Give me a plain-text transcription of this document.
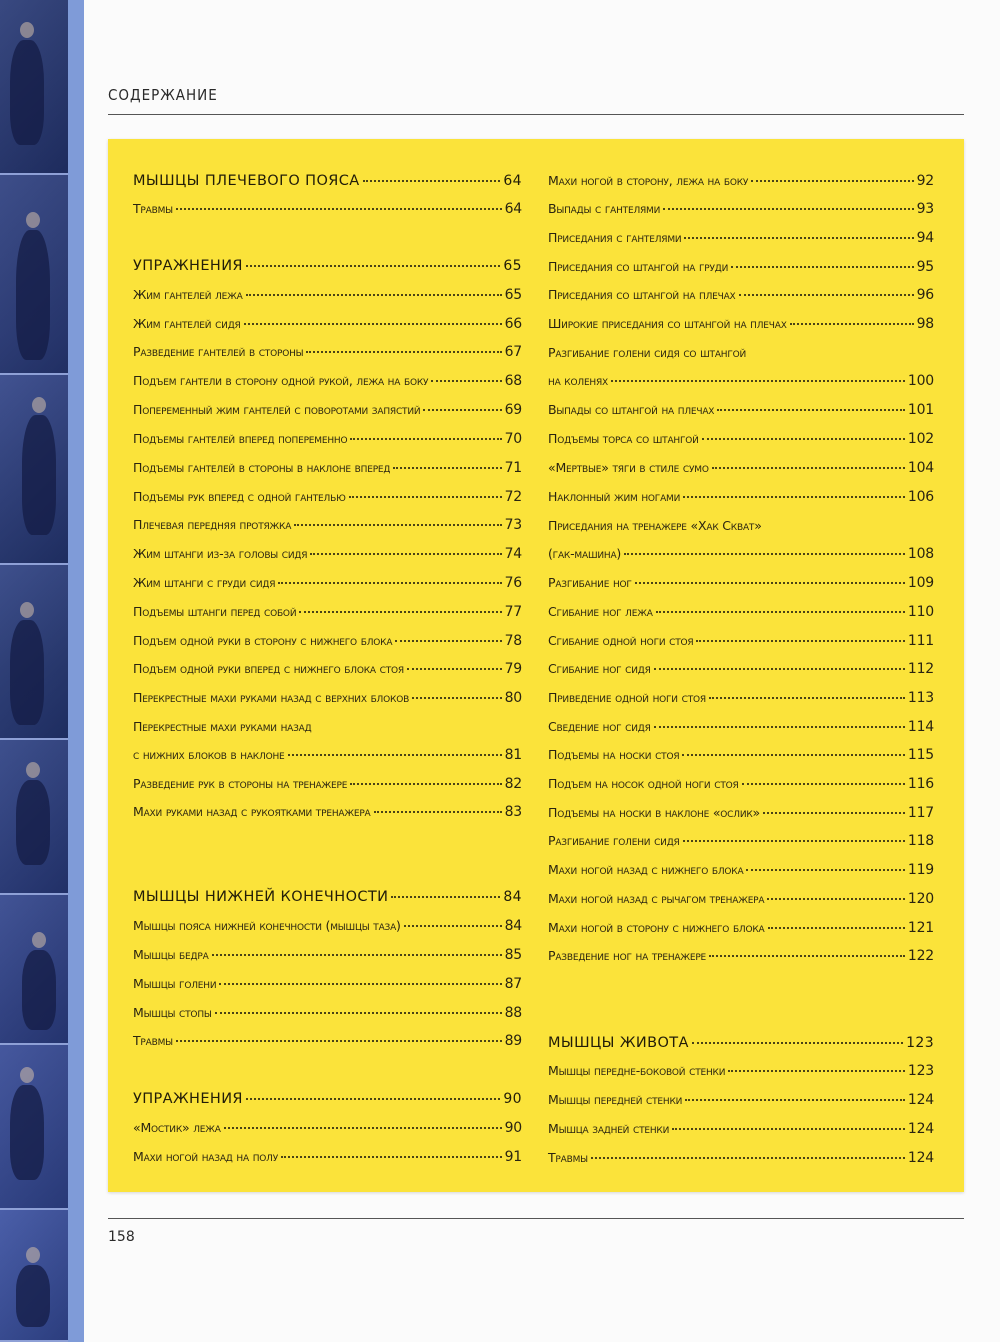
СОДЕРЖАНИЕ
МЫШЦЫ ПЛЕЧЕВОГО ПОЯСА	64
Травмы	64
УПРАЖНЕНИЯ	65
Жим гантелей лежа	65
Жим гантелей сидя	66
Разведение гантелей в стороны	67
Подъем гантели в сторону одной рукой, лежа на боку	68
Попеременный жим гантелей с поворотами запястий	69
Подъемы гантелей вперед попеременно	70
Подъемы гантелей в стороны в наклоне вперед	71
Подъемы рук вперед с одной гантелью	72
Плечевая передняя протяжка	73
Жим штанги из-за головы сидя	74
Жим штанги с груди сидя	76
Подъемы штанги перед собой	77
Подъем одной руки в сторону с нижнего блока	78
Подъем одной руки вперед с нижнего блока стоя	79
Перекрестные махи руками назад с верхних блоков	80
Перекрестные махи руками назад
с нижних блоков в наклоне	81
Разведение рук в стороны на тренажере	82
Махи руками назад с рукоятками тренажера	83
МЫШЦЫ НИЖНЕЙ КОНЕЧНОСТИ	84
Мышцы пояса нижней конечности (мышцы таза)	84
Мышцы бедра	85
Мышцы голени	87
Мышцы стопы	88
Травмы	89
УПРАЖНЕНИЯ	90
«Мостик» лежа	90
Махи ногой назад на полу	91
Махи ногой в сторону, лежа на боку	92
Выпады с гантелями	93
Приседания с гантелями	94
Приседания со штангой на груди	95
Приседания со штангой на плечах	96
Широкие приседания со штангой на плечах	98
Разгибание голени сидя со штангой
на коленях	100
Выпады со штангой на плечах	101
Подъемы торса со штангой	102
«Мертвые» тяги в стиле сумо	104
Наклонный жим ногами	106
Приседания на тренажере «Хак Скват»
(гак-машина)	108
Разгибание ног	109
Сгибание ног лежа	110
Сгибание одной ноги стоя	111
Сгибание ног сидя	112
Приведение одной ноги стоя	113
Сведение ног сидя	114
Подъемы на носки стоя	115
Подъем на носок одной ноги стоя	116
Подъемы на носки в наклоне «ослик»	117
Разгибание голени сидя	118
Махи ногой назад с нижнего блока	119
Махи ногой назад с рычагом тренажера	120
Махи ногой в сторону с нижнего блока	121
Разведение ног на тренажере	122
МЫШЦЫ ЖИВОТА	123
Мышцы передне-боковой стенки	123
Мышцы передней стенки	124
Мышца задней стенки	124
Травмы	124
158
